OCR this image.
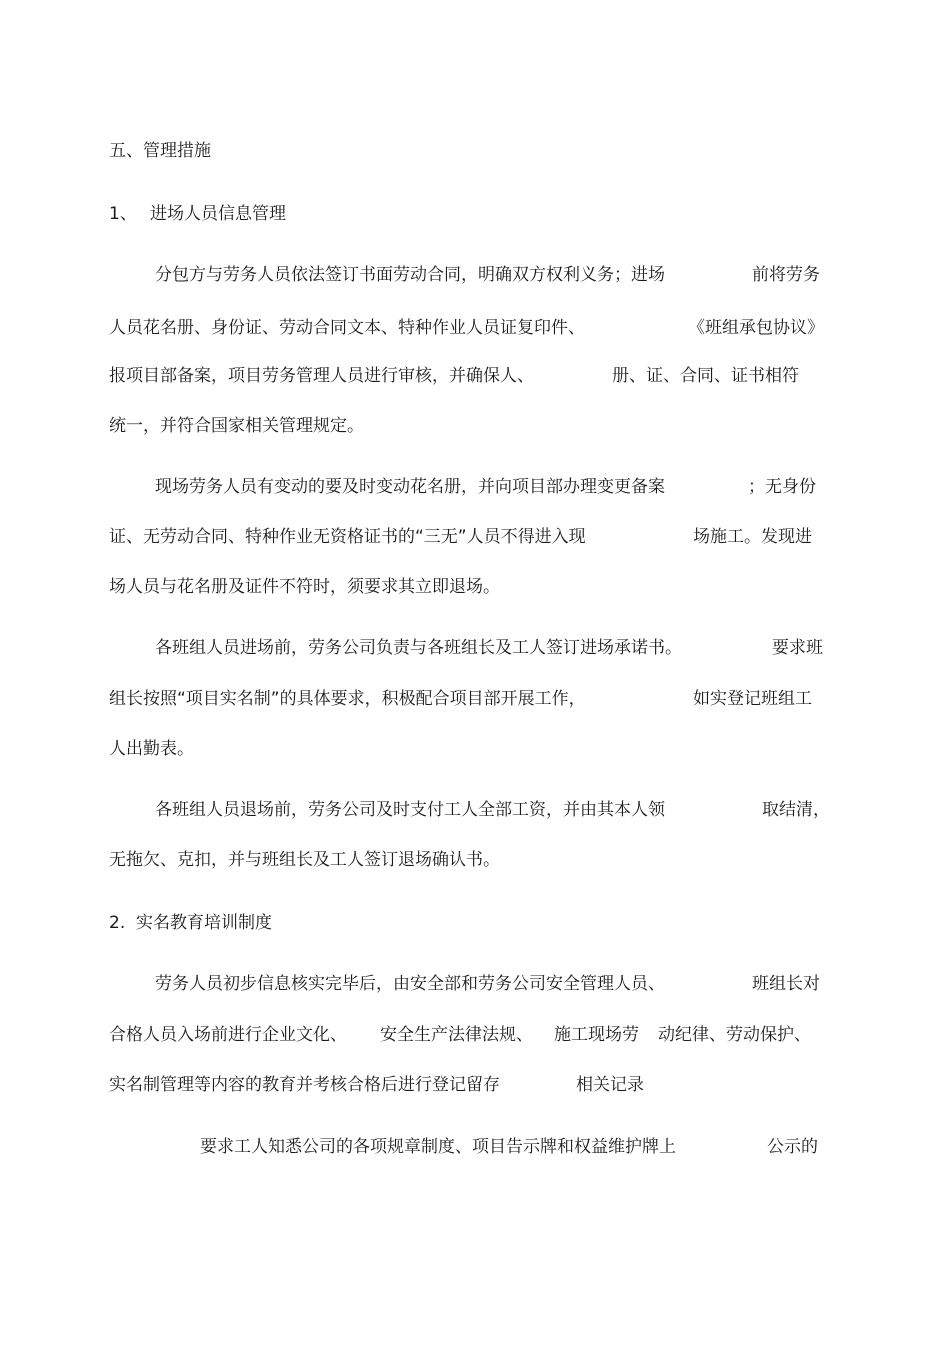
五、管理措施
1、 进场人员信息管理
分包方与劳务人员依法签订书面劳动合同，明确双方权利义务；进场	前将劳务
人员花名册、身份证、劳动合同文本、特种作业人员证复印件、	《班组承包协议》
报项目部备案，项目劳务管理人员进行审核，并确保人、	册、证、合同、证书相符
统一，并符合国家相关管理规定。
现场劳务人员有变动的要及时变动花名册，并向项目部办理变更备案	；无身份
证、无劳动合同、特种作业无资格证书的“三无”人员不得进入现	场施工。发现进
场人员与花名册及证件不符时，须要求其立即退场。
各班组人员进场前，劳务公司负责与各班组长及工人签订进场承诺书。	要求班
组长按照“项目实名制”的具体要求，积极配合项目部开展工作，	如实登记班组工
人出勤表。
各班组人员退场前，劳务公司及时支付工人全部工资，并由其本人领	取结清，
无拖欠、克扣，并与班组长及工人签订退场确认书。
2.  实名教育培训制度
劳务人员初步信息核实完毕后，由安全部和劳务公司安全管理人员、	班组长对
合格人员入场前进行企业文化、 安全生产法律法规、 施工现场劳 动纪律、劳动保护、
实名制管理等内容的教育并考核合格后进行登记留存	相关记录
要求工人知悉公司的各项规章制度、项目告示牌和权益维护牌上	公示的
